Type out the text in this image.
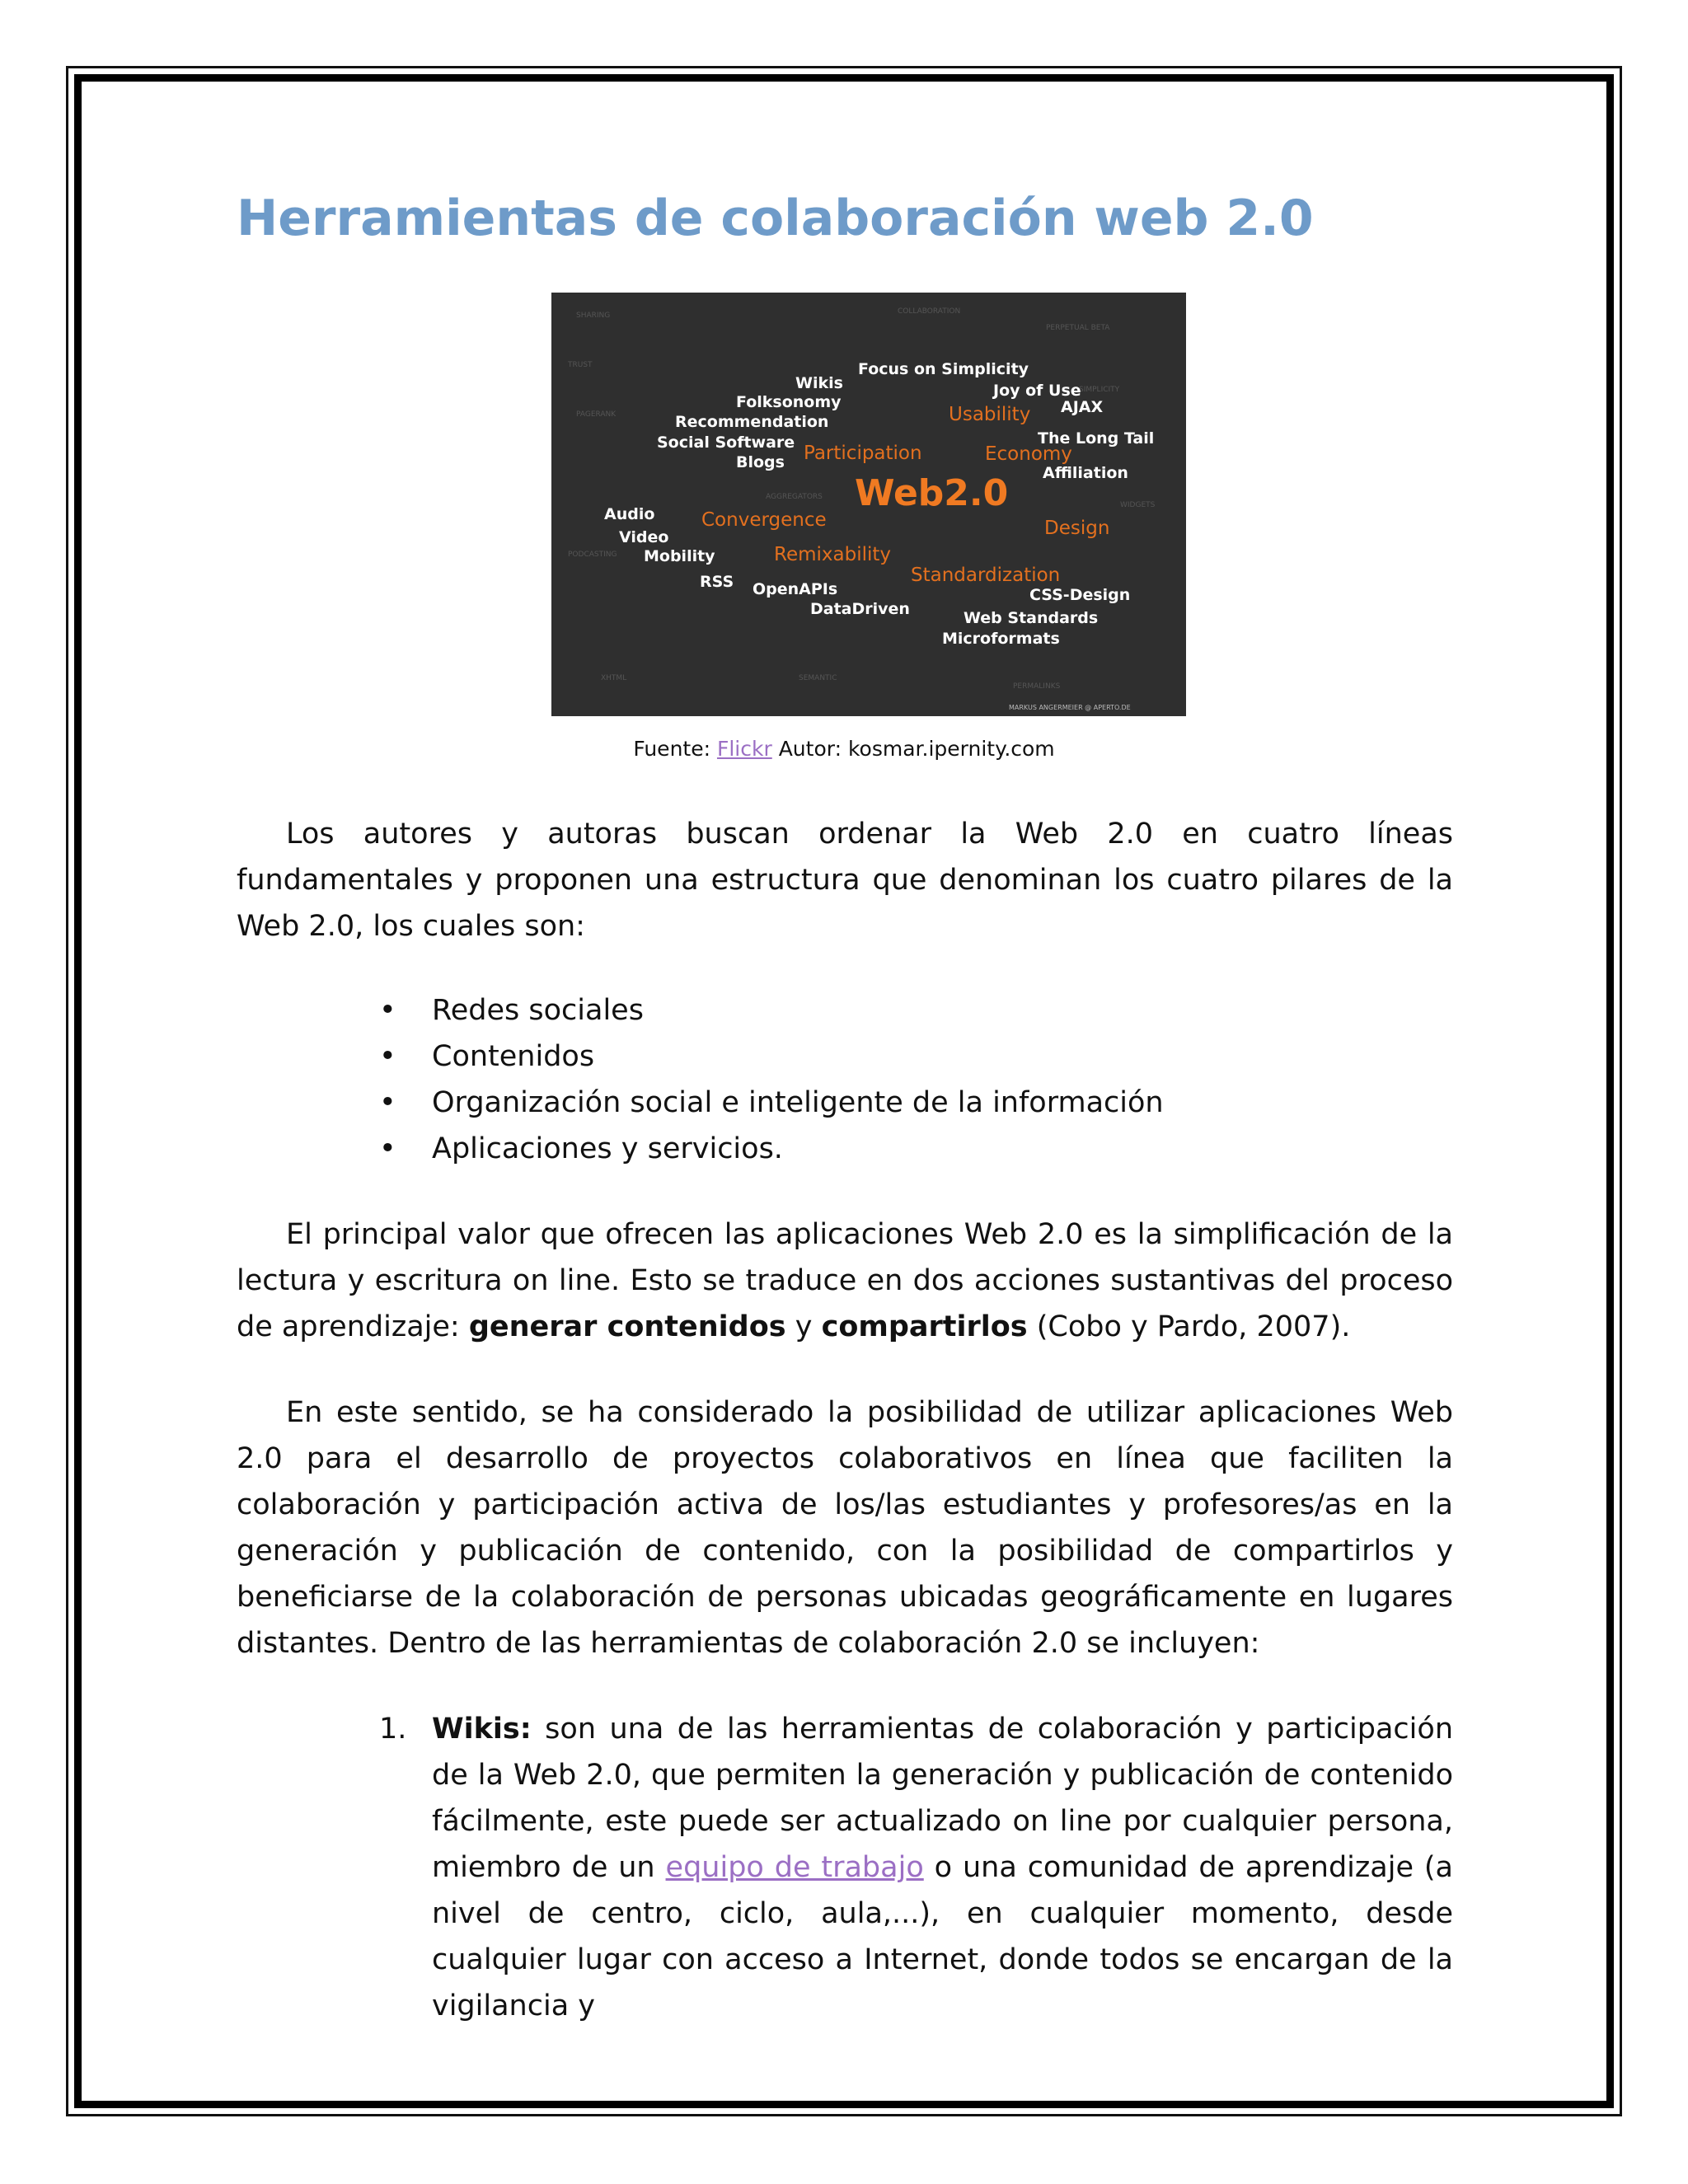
Herramientas de colaboración web 2.0
SHARING	COLLABORATION
PERPETUAL BETA
TRUST
SIMPLICITY
PAGERANK
AGGREGATORS
WIDGETS
PODCASTING
XHTML	SEMANTIC
PERMALINKS
Focus on Simplicity
Wikis	Joy of Use
Folksonomy	AJAX
Recommendation
Social Software
Blogs
The Long Tail
Affiliation
Audio
Video
Mobility
RSS OpenAPIs
DataDriven
CSS-Design
Web Standards
Microformats
Usability
Participation	Economy
Convergence	Design
Remixability
Standardization
Web2.0
MARKUS ANGERMEIER @ APERTO.DE
Fuente: Flickr Autor: kosmar.ipernity.com

Los autores y autoras buscan ordenar la Web 2.0 en cuatro líneas fundamentales y proponen una estructura que denominan los cuatro pilares de la Web 2.0, los cuales son:

• Redes sociales
• Contenidos
• Organización social e inteligente de la información
• Aplicaciones y servicios.

El principal valor que ofrecen las aplicaciones Web 2.0 es la simplificación de la lectura y escritura on line. Esto se traduce en dos acciones sustantivas del proceso de aprendizaje: generar contenidos y compartirlos (Cobo y Pardo, 2007).

En este sentido, se ha considerado la posibilidad de utilizar aplicaciones Web 2.0 para el desarrollo de proyectos colaborativos en línea que faciliten la colaboración y participación activa de los/las estudiantes y profesores/as en la generación y publicación de contenido, con la posibilidad de compartirlos y beneficiarse de la colaboración de personas ubicadas geográficamente en lugares distantes. Dentro de las herramientas de colaboración 2.0 se incluyen:

1. Wikis: son una de las herramientas de colaboración y participación de la Web 2.0, que permiten la generación y publicación de contenido fácilmente, este puede ser actualizado on line por cualquier persona, miembro de un equipo de trabajo o una comunidad de aprendizaje (a nivel de centro, ciclo, aula,...), en cualquier momento, desde cualquier lugar con acceso a Internet, donde todos se encargan de la vigilancia y
